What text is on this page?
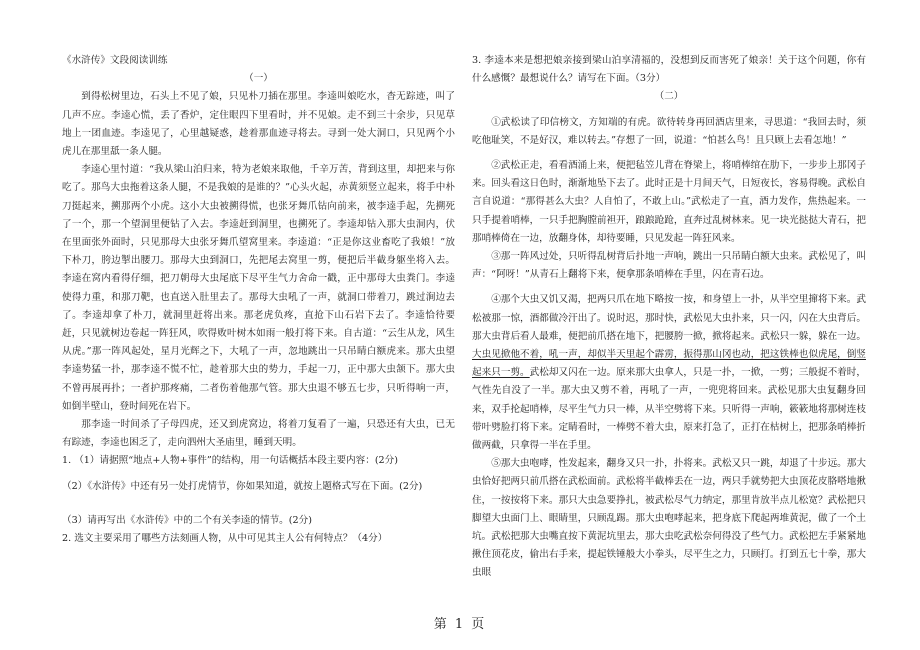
《水浒传》文段阅读训练

（一）

到得松树里边，石头上不见了娘，只见朴刀插在那里。李逵叫娘吃水，杳无踪迹，叫了几声不应。李逵心慌，丢了香炉，定住眼四下里看时，并不见娘。走不到三十余步，只见草地上一团血迹。李逵见了，心里越疑惑，趁着那血迹寻将去。寻到一处大洞口，只见两个小虎儿在那里舐一条人腿。

李逵心里忖道：“我从梁山泊归来，特为老娘来取他，千辛万苦，背到这里，却把来与你吃了。那鸟大虫拖着这条人腿，不是我娘的是谁的？”心头火起，赤黄须竖立起来，将手中朴刀挺起来，搠那两个小虎。这小大虫被搠得慌，也张牙舞爪钻向前来，被李逵手起，先搠死了一个，那一个望洞里便钻了入去。李逵赶到洞里，也搠死了。李逵却钻入那大虫洞内，伏在里面张外面时，只见那母大虫张牙舞爪望窝里来。李逵道：“正是你这业畜吃了我娘！”放下朴刀，胯边掣出腰刀。那母大虫到洞口，先把尾去窝里一剪，便把后半截身躯坐将入去。李逵在窝内看得仔细，把刀朝母大虫尾底下尽平生气力舍命一戳，正中那母大虫粪门。李逵使得力重，和那刀靶，也直送入肚里去了。那母大虫吼了一声，就洞口带着刀，跳过涧边去了。李逵却拿了朴刀，就洞里赶将出来。那老虎负疼，直抢下山石岩下去了。李逵恰待要赶，只见就树边卷起一阵狂风，吹得败叶树木如雨一般打将下来。自古道：“云生从龙，风生从虎。”那一阵风起处，星月光辉之下，大吼了一声，忽地跳出一只吊睛白额虎来。那大虫望李逵势猛一扑，那李逵不慌不忙，趁着那大虫的势力，手起一刀，正中那大虫颔下。那大虫不曾再展再扑；一者护那疼痛，二者伤着他那气管。那大虫退不够五七步，只听得响一声，如倒半壁山，登时间死在岩下。

那李逵一时间杀了子母四虎，还又到虎窝边，将着刀复看了一遍，只恐还有大虫，已无有踪迹，李逵也困乏了，走向泗州大圣庙里，睡到天明。

1. （1）请据照“地点+人物+事件”的结构，用一句话概括本段主要内容：(2分)

（2）《水浒传》中还有另一处打虎情节，你如果知道，就按上题格式写在下面。(2分)

（3）请再写出《水浒传》中的二个有关李逵的情节。(2分)

2. 选文主要采用了哪些方法刻画人物，从中可见其主人公有何特点？（4分）

3. 李逵本来是想把娘亲接到梁山泊享清福的，没想到反而害死了娘亲！关于这个问题，你有什么感慨？最想说什么？请写在下面。（3分）

（二）

①武松读了印信榜文，方知端的有虎。欲待转身再回酒店里来，寻思道：“我回去时，须吃他耻笑，不是好汉，难以转去。”存想了一回，说道：“怕甚么鸟！且只顾上去看怎地！”

②武松正走，看看酒涌上来，便把毡笠儿背在脊梁上，将哨棒绾在肋下，一步步上那冈子来。回头看这日色时，渐渐地坠下去了。此时正是十月间天气，日短夜长，容易得晚。武松自言自说道：“那得甚么大虫？人自怕了，不敢上山。”武松走了一直，酒力发作，焦热起来。一只手提着哨棒，一只手把胸膛前袒开，踉踉跄跄，直奔过乱树林来。见一块光挞挞大青石，把那哨棒倚在一边，放翻身体，却待要睡，只见发起一阵狂风来。

③那一阵风过处，只听得乱树背后扑地一声响，跳出一只吊睛白额大虫来。武松见了，叫声：“阿呀！”从青石上翻将下来，便拿那条哨棒在手里，闪在青石边。

④那个大虫又饥又渴，把两只爪在地下略按一按，和身望上一扑，从半空里撺将下来。武松被那一惊，酒都做冷汗出了。说时迟，那时快，武松见大虫扑来，只一闪，闪在大虫背后。那大虫背后看人最难，便把前爪搭在地下，把腰胯一掀，掀将起来。武松只一躲，躲在一边。大虫见掀他不着，吼一声，却似半天里起个霹雳，振得那山冈也动，把这铁棒也似虎尾，倒竖起来只一剪。武松却又闪在一边。原来那大虫拿人，只是一扑，一掀，一剪；三般捉不着时，气性先自没了一半。那大虫又剪不着，再吼了一声，一兜兜将回来。武松见那大虫复翻身回来，双手抡起哨棒，尽平生气力只一棒，从半空劈将下来。只听得一声响，簌簌地将那树连枝带叶劈脸打将下来。定睛看时，一棒劈不着大虫，原来打急了，正打在枯树上，把那条哨棒折做两截，只拿得一半在手里。

⑤那大虫咆哮，性发起来，翻身又只一扑，扑将来。武松又只一跳，却退了十步远。那大虫恰好把两只前爪搭在武松面前。武松将半截棒丢在一边，两只手就势把大虫顶花皮胳嗒地揪住，一按按将下来。那只大虫急要挣扎，被武松尽气力纳定，那里肯放半点儿松宽？武松把只脚望大虫面门上、眼睛里，只顾乱踢。那大虫咆哮起来，把身底下爬起两堆黄泥，做了一个土坑。武松把那大虫嘴直按下黄泥坑里去，那大虫吃武松奈何得没了些气力。武松把左手紧紧地揪住顶花皮，偷出右手来，提起铁锤般大小拳头，尽平生之力，只顾打。打到五七十拳，那大虫眼

第 1 页
